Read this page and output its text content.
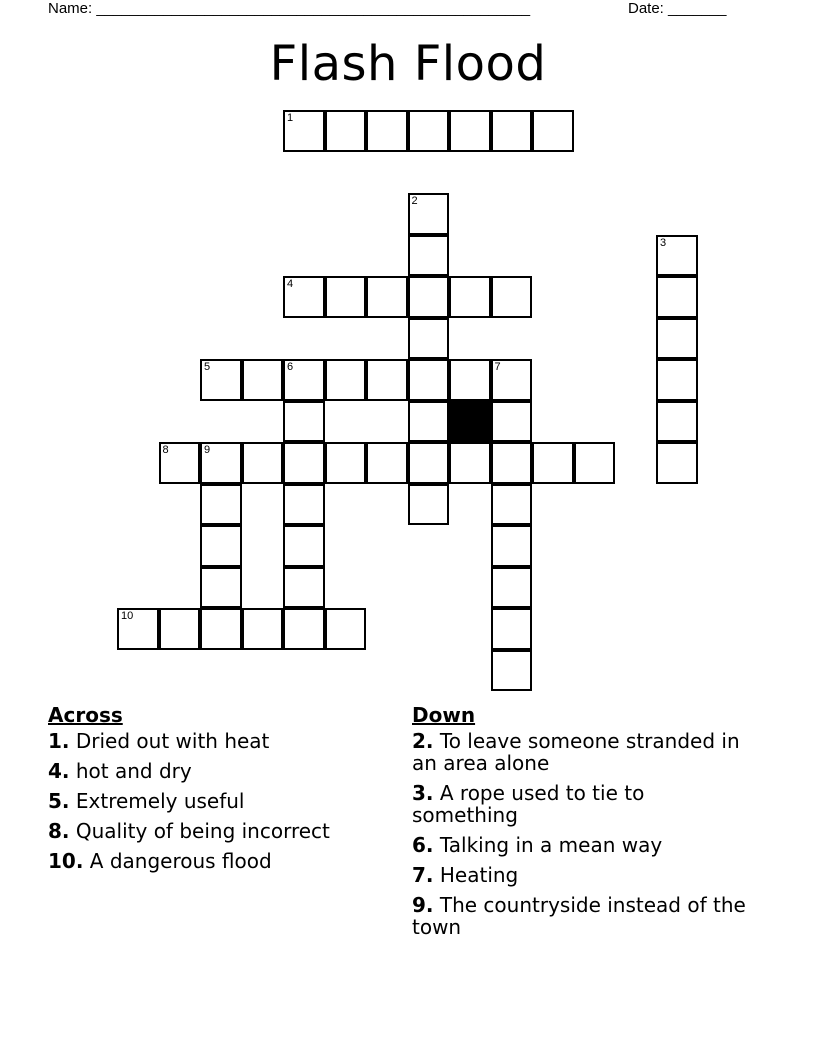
Name: ____________________________________________________	Date: _______
Flash Flood
1
2
3
4
5	6	7
8	9
10
Across
1. Dried out with heat
4. hot and dry
5. Extremely useful
8. Quality of being incorrect
10. A dangerous flood
Down
2. To leave someone stranded in an area alone
3. A rope used to tie to something
6. Talking in a mean way
7. Heating
9. The countryside instead of the town
